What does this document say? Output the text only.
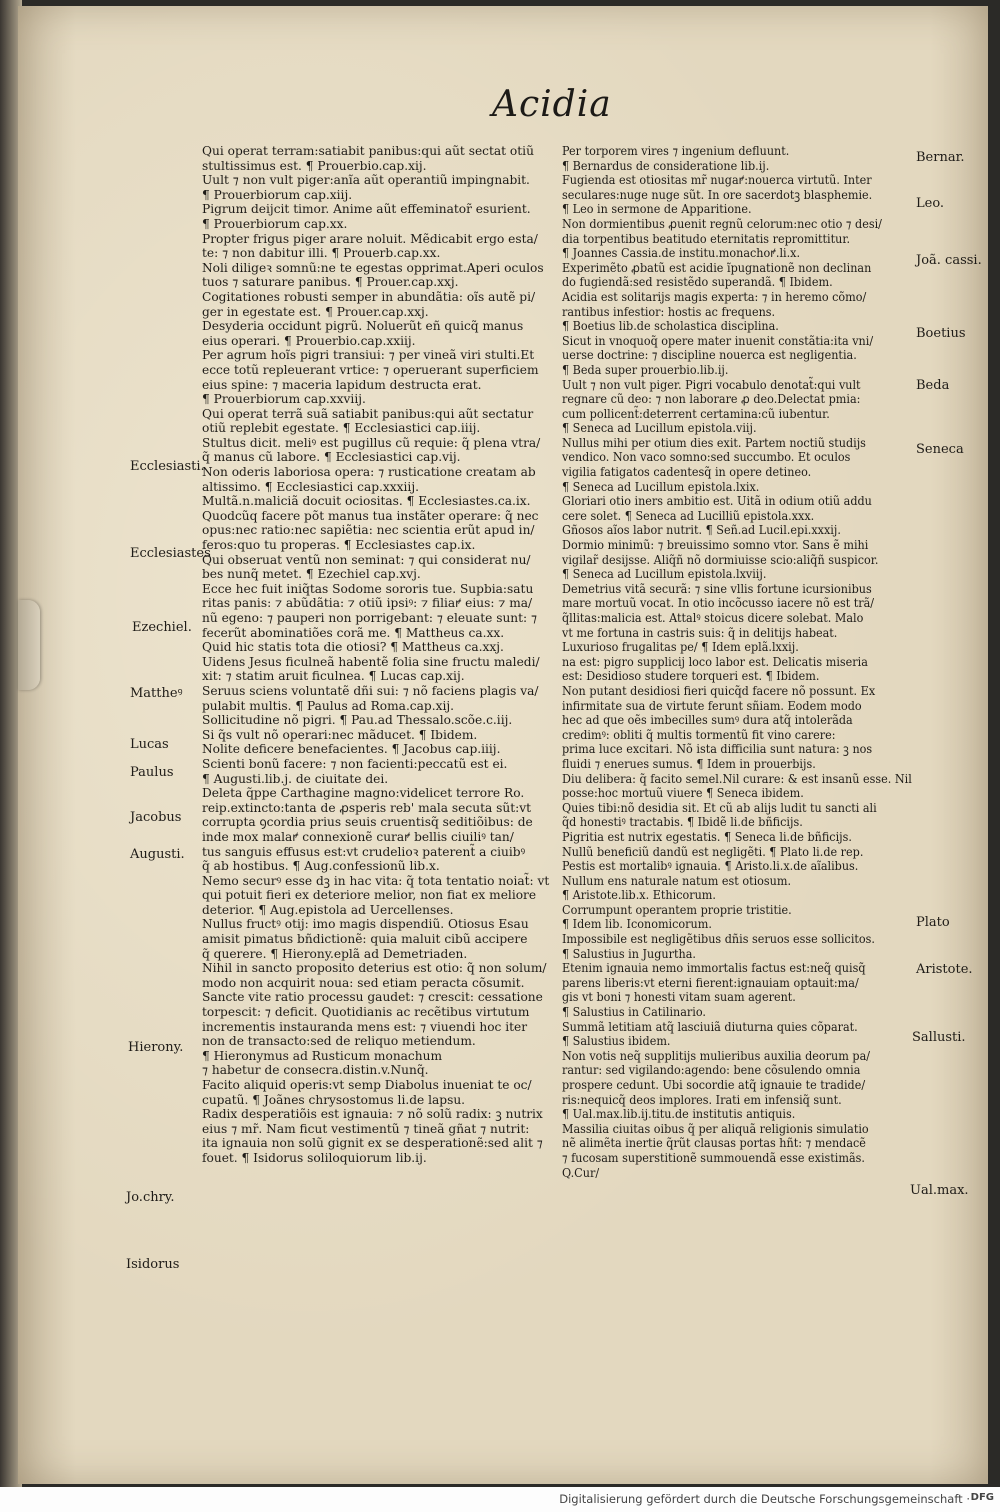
Acidia
Qui operat terram:satiabit panibus:qui aũt sectat otiũ
stultissimus est. ¶ Prouerbio.cap.xij.
Uult ⁊ non vult piger:anĩa aũt operantiũ impingnabit.
¶ Prouerbiorum cap.xiij.
Pigrum deijcit timor. Anime aũt effeminator̃ esurient.
¶ Prouerbiorum cap.xx.
Propter frigus piger arare noluit. Mẽdicabit ergo esta/
te: ⁊ non dabitur illi. ¶ Prouerb.cap.xx.
Noli diligeꝛ somnũ:ne te egestas opprimat.Aperi oculos
tuos ⁊ saturare panibus. ¶ Prouer.cap.xxj.
Cogitationes robusti semper in abundãtia: oĩs autẽ pi/
ger in egestate est. ¶ Prouer.cap.xxj.
Desyderia occidunt pigrũ. Noluerũt eñ quicq̃ manus
eius operari. ¶ Prouerbio.cap.xxiij.
Per agrum hoĩs pigri transiui: ⁊ per vineã viri stulti.Et
ecce totũ repleuerant vrtice: ⁊ operuerant superficiem
eius spine: ⁊ maceria lapidum destructa erat.
¶ Prouerbiorum cap.xxviij.
Qui operat terrã suã satiabit panibus:qui aũt sectatur
otiũ replebit egestate. ¶ Ecclesiastici cap.iiij.
Stultus dicit. meliꝰ est pugillus cũ requie: q̃ plena vtra/
q̃ manus cũ labore. ¶ Ecclesiastici cap.vij.
Non oderis laboriosa opera: ⁊ rusticatione creatam ab
altissimo. ¶ Ecclesiastici cap.xxxiij.
Multã.n.maliciã docuit ociositas. ¶ Ecclesiastes.ca.ix.
Quodcũq facere põt manus tua instãter operare: q̃ nec
opus:nec ratio:nec sapiẽtia: nec scientia erũt apud in/
feros:quo tu properas. ¶ Ecclesiastes cap.ix.
Qui obseruat ventũ non seminat: ⁊ qui considerat nu/
bes nunq̃ metet. ¶ Ezechiel cap.xvj.
Ecce hec fuit iniq̃tas Sodome sororis tue. Supbia:satu
ritas panis: ⁊ abũdãtia: ⁊ otiũ ipsiꝰ: ⁊ filiaꝵ eius: ⁊ ma/
nũ egeno: ⁊ pauperi non porrigebant: ⁊ eleuate sunt: ⁊
fecerũt abominatiões corã me. ¶ Mattheus ca.xx.
Quid hic statis tota die otiosi? ¶ Mattheus ca.xxj.
Uidens Jesus ficulneã habentẽ folia sine fructu maledi/
xit: ⁊ statim aruit ficulnea. ¶ Lucas cap.xij.
Seruus sciens voluntatẽ dñi sui: ⁊ nõ faciens plagis va/
pulabit multis. ¶ Paulus ad Roma.cap.xij.
Sollicitudine nõ pigri. ¶ Pau.ad Thessalo.scõe.c.iij.
Si q̃s vult nõ operari:nec mãducet. ¶ Ibidem.
Nolite deficere benefacientes. ¶ Jacobus cap.iiij.
Scienti bonũ facere: ⁊ non facienti:peccatũ est ei.
¶ Augusti.lib.j. de ciuitate dei.
Deleta q̃ppe Carthagine magno:videlicet terrore Ro.
reip.extincto:tanta de ꝓsperis reb' mala secuta sũt:vt
corrupta ꝯcordia prius seuis cruentisq̃ seditiõibus: de
inde mox malaꝵ connexionẽ curaꝵ bellis ciuiliꝰ tan/
tus sanguis effusus est:vt crudelioꝛ paterent̃ a ciuibꝰ
q̃ ab hostibus. ¶ Aug.confessionũ lib.x.
Nemo securꝰ esse dꝫ in hac vita: q̃ tota tentatio noiat̃: vt
qui potuit fieri ex deteriore melior, non fiat ex meliore
deterior. ¶ Aug.epistola ad Uercellenses.
Nullus fructꝰ otij: imo magis dispendiũ. Otiosus Esau
amisit pimatus bñdictionẽ: quia maluit cibũ accipere
q̃ querere. ¶ Hierony.eplã ad Demetriaden.
Nihil in sancto proposito deterius est otio: q̃ non solum/
modo non acquirit noua: sed etiam peracta cõsumit.
Sancte vite ratio processu gaudet: ⁊ crescit: cessatione
torpescit: ⁊ deficit. Quotidianis ac recẽtibus virtutum
incrementis instauranda mens est: ⁊ viuendi hoc iter
non de transacto:sed de reliquo metiendum.
¶ Hieronymus ad Rusticum monachum
⁊ habetur de consecra.distin.v.Nunq̃.
Facito aliquid operis:vt semp Diabolus inueniat te oc/
cupatũ. ¶ Joãnes chrysostomus li.de lapsu.
Radix desperatiõis est ignauia: ⁊ nõ solũ radix: ꝫ nutrix
eius ⁊ mr̃. Nam ficut vestimentũ ⁊ tineã gñat ⁊ nutrit:
ita ignauia non solũ gignit ex se desperationẽ:sed alit ⁊
fouet. ¶ Isidorus soliloquiorum lib.ij.
Per torporem vires ⁊ ingenium defluunt.
¶ Bernardus de consideratione lib.ij.
Fugienda est otiositas mr̃ nugaꝵ:nouerca virtutũ. Inter
seculares:nuge nuge sũt. In ore sacerdotꝫ blasphemie.
¶ Leo in sermone de Apparitione.
Non dormientibus ꝓuenit regnũ celorum:nec otio ⁊ desi/
dia torpentibus beatitudo eternitatis repromittitur.
¶ Joannes Cassia.de institu.monachoꝵ.li.x.
Experimẽto ꝓbatũ est acidie ĩpugnationẽ non declinan
do fugiendã:sed resistẽdo superandã. ¶ Ibidem.
Acidia est solitarijs magis experta: ⁊ in heremo cõmo/
rantibus infestior: hostis ac frequens.
¶ Boetius lib.de scholastica disciplina.
Sicut in vnoquoq̃ opere mater inuenit constãtia:ita vni/
uerse doctrine: ⁊ discipline nouerca est negligentia.
¶ Beda super prouerbio.lib.ij.
Uult ⁊ non vult piger. Pigri vocabulo denotat̃:qui vult
regnare cũ deo: ⁊ non laborare ꝓ deo.Delectat pmia:
cum pollicent̃:deterrent certamina:cũ iubentur.
¶ Seneca ad Lucillum epistola.viij.
Nullus mihi per otium dies exit. Partem noctiũ studijs
vendico. Non vaco somno:sed succumbo. Et oculos
vigilia fatigatos cadentesq̃ in opere detineo.
¶ Seneca ad Lucillum epistola.lxix.
Gloriari otio iners ambitio est. Uitã in odium otiũ addu
cere solet. ¶ Seneca ad Lucilliũ epistola.xxx.
Gñosos aĩos labor nutrit. ¶ Señ.ad Lucil.epi.xxxij.
Dormio minimũ: ⁊ breuissimo somno vtor. Sans ẽ mihi
vigilar̃ desijsse. Aliq̃ñ nõ dormiuisse scio:aliq̃ñ suspicor.
¶ Seneca ad Lucillum epistola.lxviij.
Demetrius vitã securã: ⁊ sine vllis fortune icursionibus
mare mortuũ vocat. In otio incõcusso iacere nõ est trã/
q̃llitas:malicia est. Attalꝰ stoicus dicere solebat. Malo
vt me fortuna in castris suis: q̃ in delitijs habeat.
Luxurioso frugalitas pe/ ¶ Idem eplã.lxxij.
na est: pigro supplicij loco labor est. Delicatis miseria
est: Desidioso studere torqueri est. ¶ Ibidem.
Non putant desidiosi fieri quicq̃d facere nõ possunt. Ex
infirmitate sua de virtute ferunt sñiam. Eodem modo
hec ad que oẽs imbecilles sumꝰ dura atq̃ intolerãda
credimꝰ: obliti q̃ multis tormentũ fit vino carere:
prima luce excitari. Nõ ista difficilia sunt natura: ꝫ nos
fluidi ⁊ enerues sumus. ¶ Idem in prouerbijs.
Diu delibera: q̃ facito semel.Nil curare: & est insanũ esse. Nil
posse:hoc mortuũ viuere ¶ Seneca ibidem.
Quies tibi:nõ desidia sit. Et cũ ab alijs ludit tu sancti ali
q̃d honestiꝰ tractabis. ¶ Ibidẽ li.de bñficijs.
Pigritia est nutrix egestatis. ¶ Seneca li.de bñficijs.
Nullũ beneficiũ dandũ est negligẽti. ¶ Plato li.de rep.
Pestis est mortalibꝰ ignauia. ¶ Aristo.li.x.de aĩalibus.
Nullum ens naturale natum est otiosum.
¶ Aristote.lib.x. Ethicorum.
Corrumpunt operantem proprie tristitie.
¶ Idem lib. Iconomicorum.
Impossibile est negligẽtibus dñis seruos esse sollicitos.
¶ Salustius in Jugurtha.
Etenim ignauia nemo immortalis factus est:neq̃ quisq̃
parens liberis:vt eterni fierent:ignauiam optauit:ma/
gis vt boni ⁊ honesti vitam suam agerent.
¶ Salustius in Catilinario.
Summã letitiam atq̃ lasciuiã diuturna quies cõparat.
¶ Salustius ibidem.
Non votis neq̃ supplitijs mulieribus auxilia deorum pa/
rantur: sed vigilando:agendo: bene cõsulendo omnia
prospere cedunt. Ubi socordie atq̃ ignauie te tradide/
ris:nequicq̃ deos implores. Irati em infensiq̃ sunt.
¶ Ual.max.lib.ij.titu.de institutis antiquis.
Massilia ciuitas oibus q̃ per aliquã religionis simulatio
nẽ alimẽta inertie q̃rũt clausas portas hñt: ⁊ mendacẽ
⁊ fucosam superstitionẽ summouendã esse existimãs.
Q.Cur/
Ecclesiasti.
Ecclesiastes
Ezechiel.
Mattheꝰ
Lucas
Paulus
Jacobus
Augusti.
Hierony.
Jo.chry.
Isidorus
Bernar.
Leo.
Joã. cassi.
Boetius
Beda
Seneca
Plato
Aristote.
Sallusti.
Ual.max.
Digitalisierung gefördert durch die Deutsche Forschungsgemeinschaft · DFG
